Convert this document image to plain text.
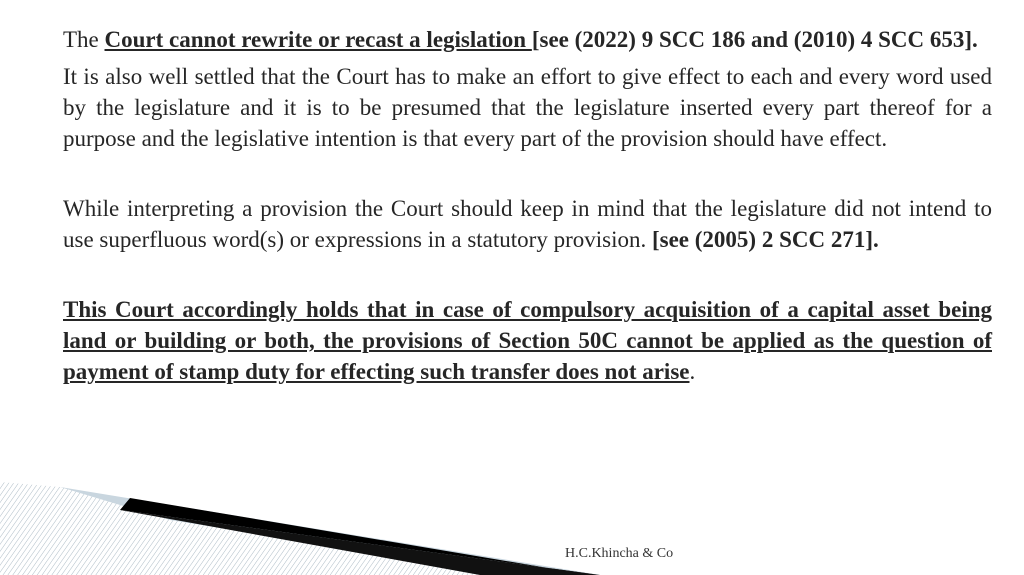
The Court cannot rewrite or recast a legislation [see (2022) 9 SCC 186 and (2010) 4 SCC 653].

It is also well settled that the Court has to make an effort to give effect to each and every word used by the legislature and it is to be presumed that the legislature inserted every part thereof for a purpose and the legislative intention is that every part of the provision should have effect.

While interpreting a provision the Court should keep in mind that the legislature did not intend to use superfluous word(s) or expressions in a statutory provision. [see (2005) 2 SCC 271].

This Court accordingly holds that in case of compulsory acquisition of a capital asset being land or building or both, the provisions of Section 50C cannot be applied as the question of payment of stamp duty for effecting such transfer does not arise.

H.C.Khincha & Co
